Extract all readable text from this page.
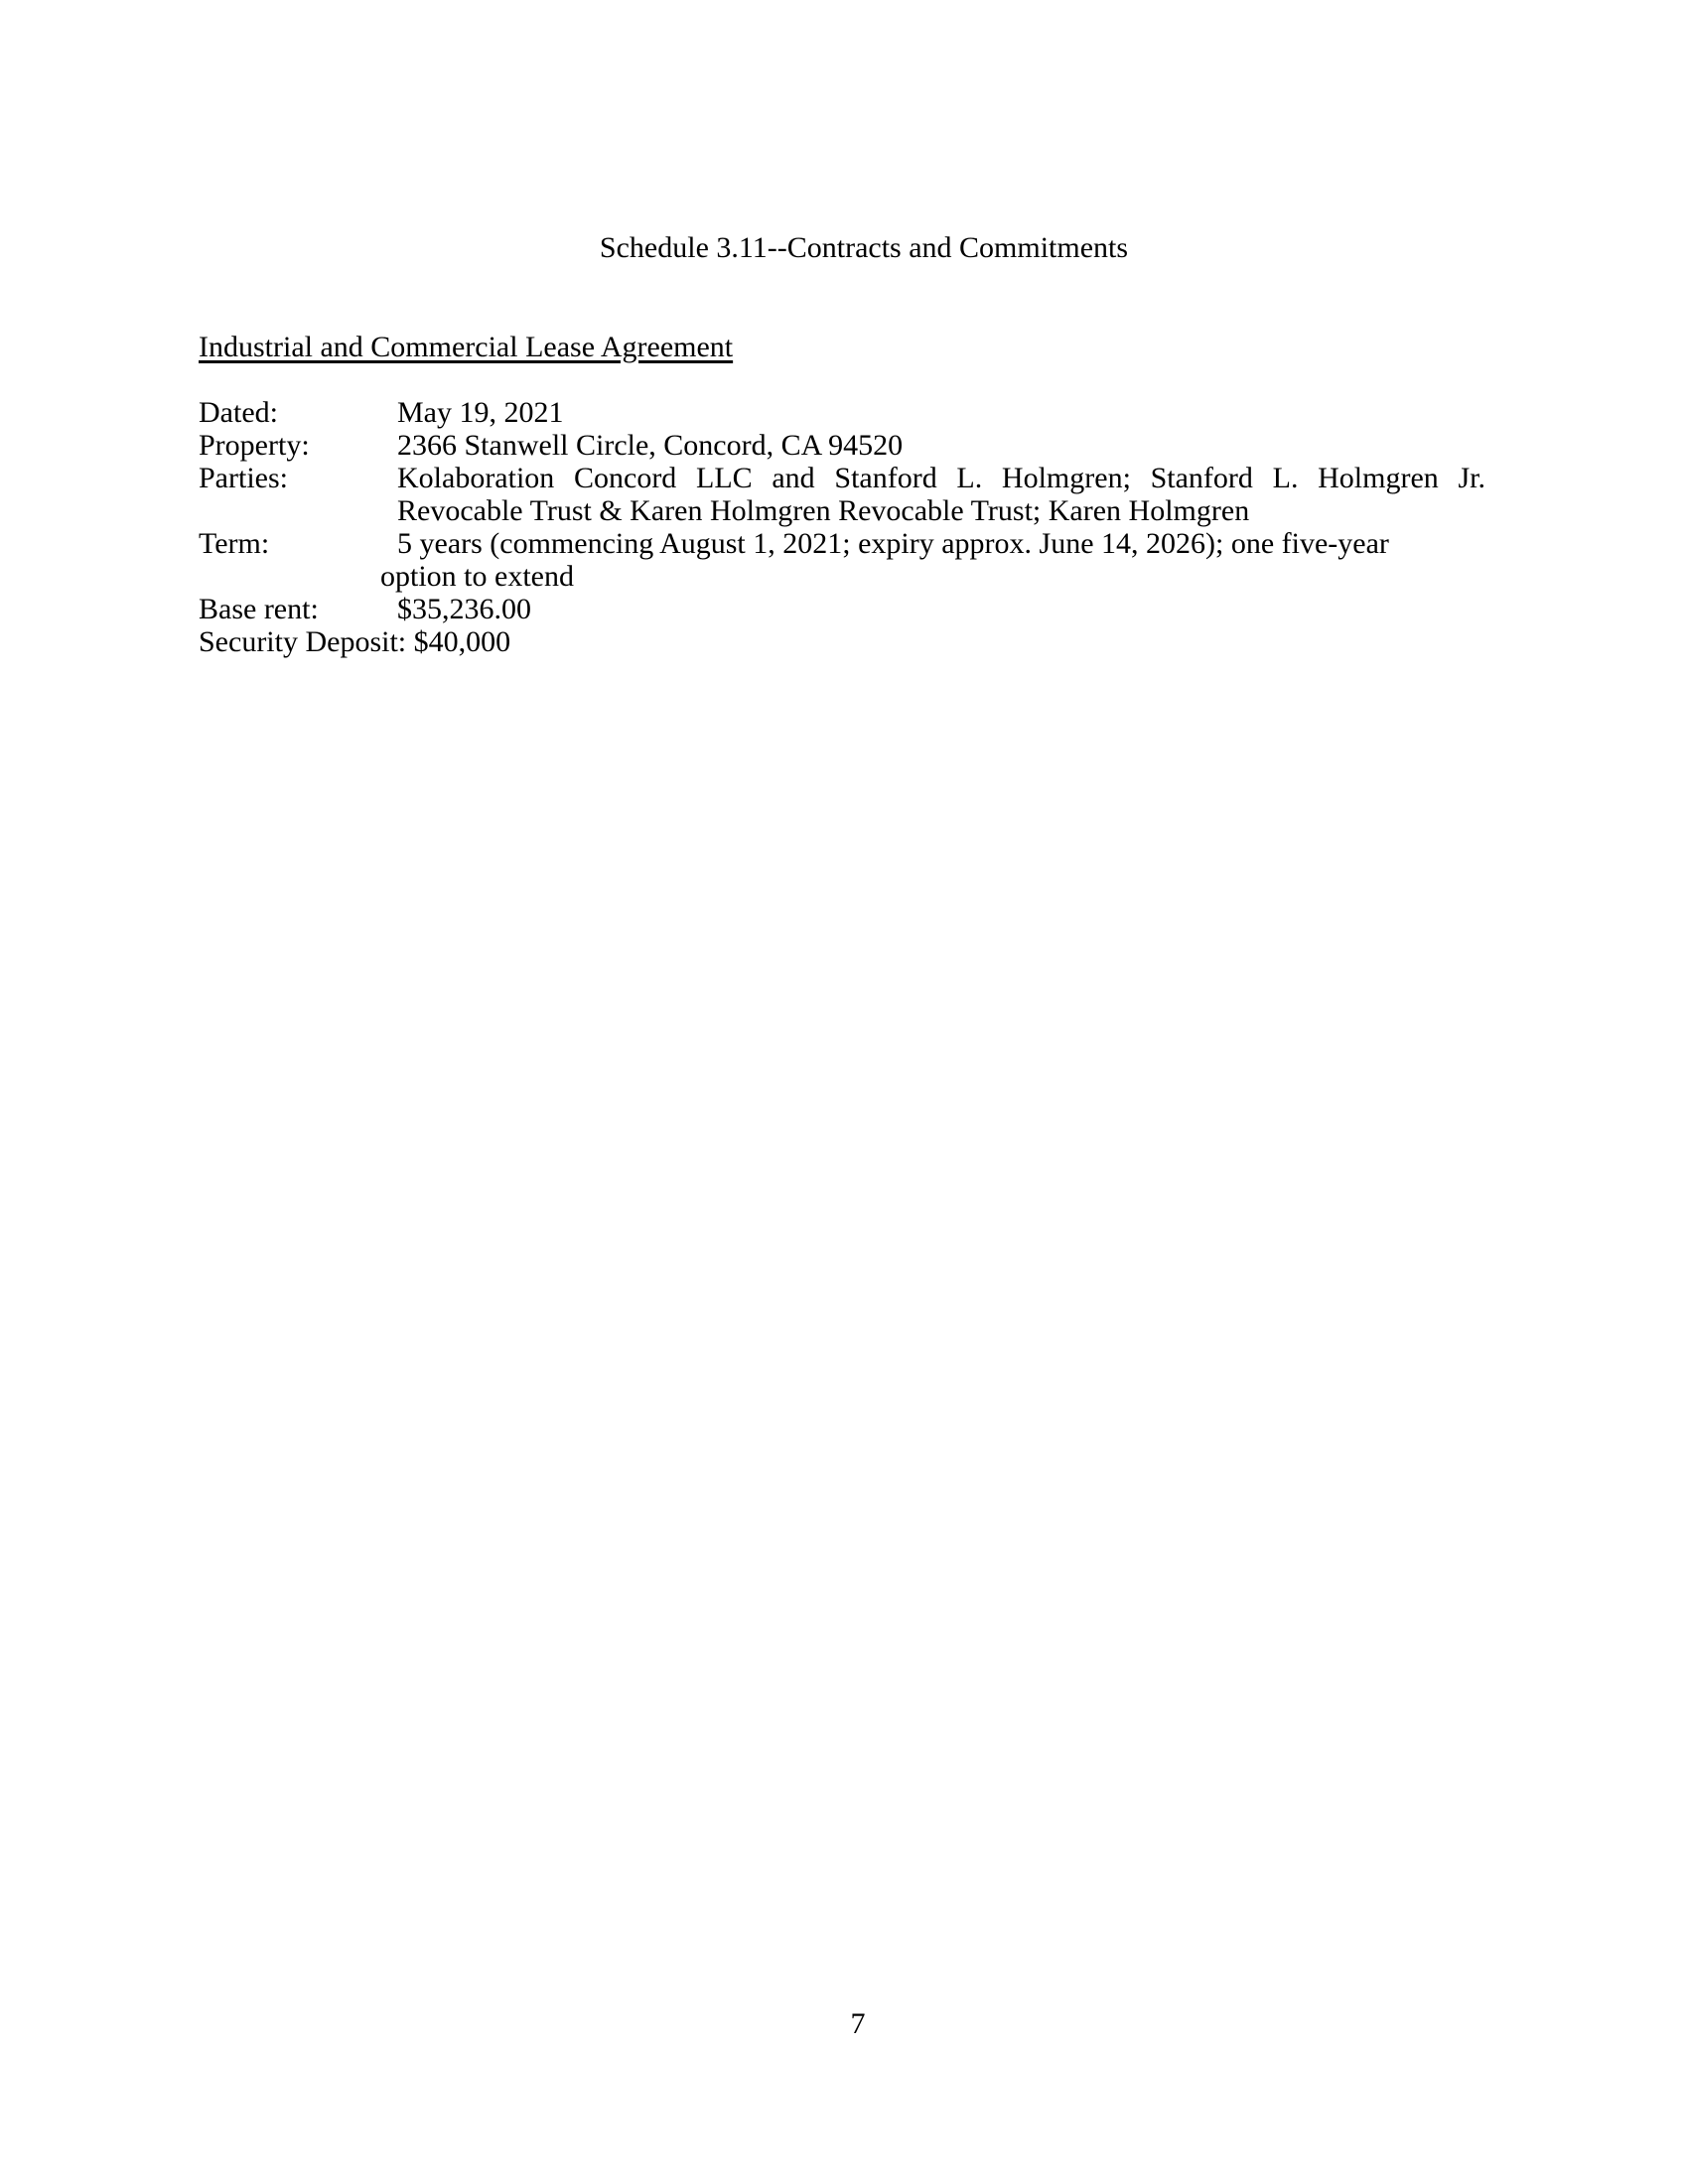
Schedule 3.11--Contracts and Commitments
Industrial and Commercial Lease Agreement
Dated:	May 19, 2021
Property:	2366 Stanwell Circle, Concord, CA 94520
Parties:	Kolaboration Concord LLC and Stanford L. Holmgren; Stanford L. Holmgren Jr.
Revocable Trust & Karen Holmgren Revocable Trust; Karen Holmgren
Term:	5 years (commencing August 1, 2021; expiry approx. June 14, 2026); one five-year
option to extend
Base rent:	$35,236.00
Security Deposit: $40,000
7
